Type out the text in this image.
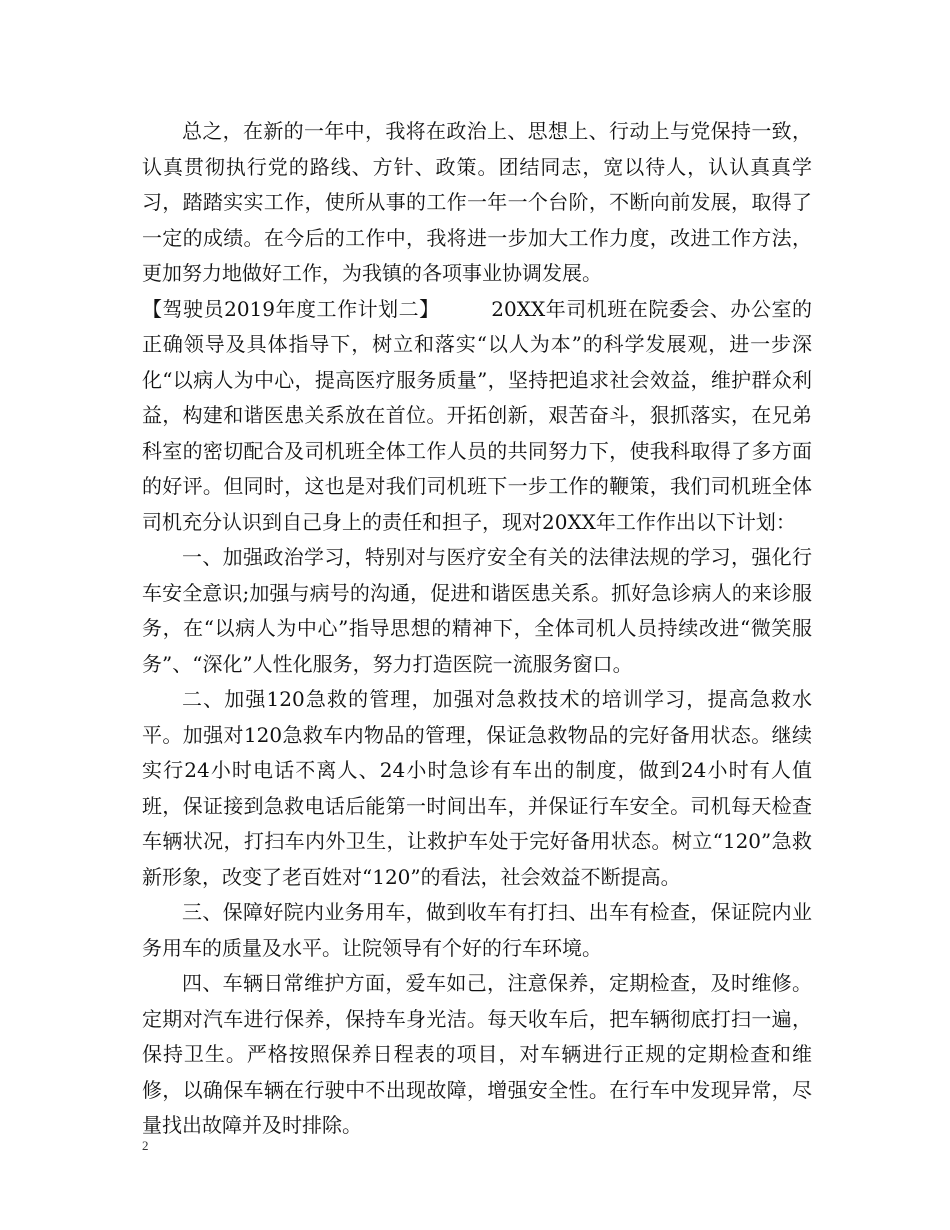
总之，在新的一年中，我将在政治上、思想上、行动上与党保持一致，认真贯彻执行党的路线、方针、政策。团结同志，宽以待人，认认真真学习，踏踏实实工作，使所从事的工作一年一个台阶，不断向前发展，取得了一定的成绩。在今后的工作中，我将进一步加大工作力度，改进工作方法，更加努力地做好工作，为我镇的各项事业协调发展。

【驾驶员2019年度工作计划二】　　　	20XX年司机班在院委会、办公室的正确领导及具体指导下，树立和落实“以人为本”的科学发展观，进一步深化“以病人为中心，提高医疗服务质量”，坚持把追求社会效益，维护群众利益，构建和谐医患关系放在首位。开拓创新，艰苦奋斗，狠抓落实，在兄弟科室的密切配合及司机班全体工作人员的共同努力下，使我科取得了多方面的好评。但同时，这也是对我们司机班下一步工作的鞭策，我们司机班全体司机充分认识到自己身上的责任和担子，现对20XX年工作作出以下计划：

一、加强政治学习，特别对与医疗安全有关的法律法规的学习，强化行车安全意识;加强与病号的沟通，促进和谐医患关系。抓好急诊病人的来诊服务，在“以病人为中心”指导思想的精神下，全体司机人员持续改进“微笑服务”、“深化”人性化服务，努力打造医院一流服务窗口。

二、加强120急救的管理，加强对急救技术的培训学习，提高急救水平。加强对120急救车内物品的管理，保证急救物品的完好备用状态。继续实行24小时电话不离人、24小时急诊有车出的制度，做到24小时有人值班，保证接到急救电话后能第一时间出车，并保证行车安全。司机每天检查车辆状况，打扫车内外卫生，让救护车处于完好备用状态。树立“120”急救新形象，改变了老百姓对“120”的看法，社会效益不断提高。

三、保障好院内业务用车，做到收车有打扫、出车有检查，保证院内业务用车的质量及水平。让院领导有个好的行车环境。

四、车辆日常维护方面，爱车如己，注意保养，定期检查，及时维修。定期对汽车进行保养，保持车身光洁。每天收车后，把车辆彻底打扫一遍，保持卫生。严格按照保养日程表的项目，对车辆进行正规的定期检查和维修，以确保车辆在行驶中不出现故障，增强安全性。在行车中发现异常，尽量找出故障并及时排除。

2
